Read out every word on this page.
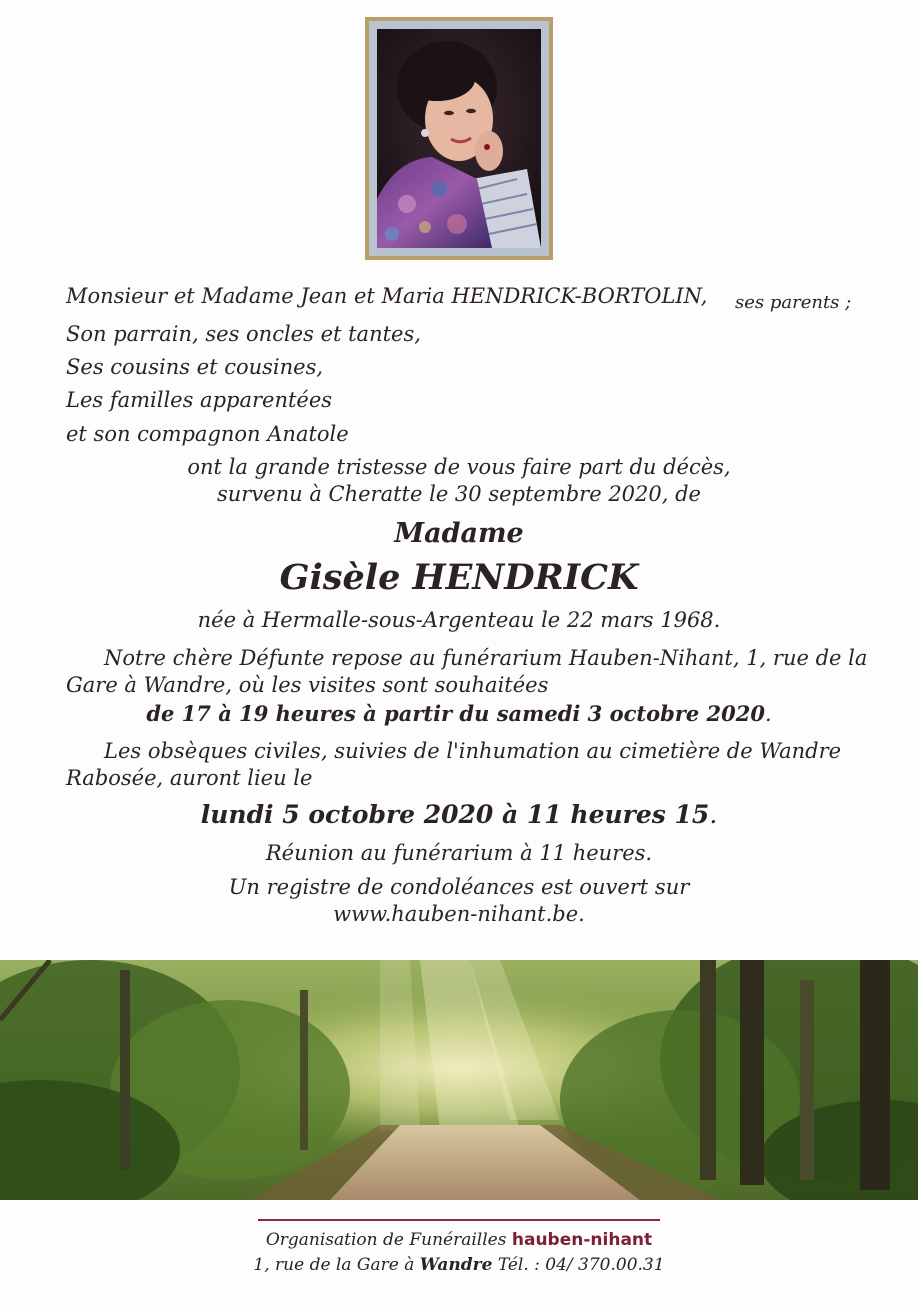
Monsieur et Madame Jean et Maria HENDRICK-BORTOLIN, ses parents ;
Son parrain, ses oncles et tantes,
Ses cousins et cousines,
Les familles apparentées
et son compagnon Anatole
ont la grande tristesse de vous faire part du décès,
survenu à Cheratte le 30 septembre 2020, de
Madame
Gisèle HENDRICK
née à Hermalle-sous-Argenteau le 22 mars 1968.
Notre chère Défunte repose au funérarium Hauben-Nihant, 1, rue de la
Gare à Wandre, où les visites sont souhaitées
de 17 à 19 heures à partir du samedi 3 octobre 2020.
Les obsèques civiles, suivies de l'inhumation au cimetière de Wandre
Rabosée, auront lieu le
lundi 5 octobre 2020 à 11 heures 15.
Réunion au funérarium à 11 heures.
Un registre de condoléances est ouvert sur
www.hauben-nihant.be.
Organisation de Funérailles hauben-nihant
1, rue de la Gare à Wandre Tél. : 04/ 370.00.31
